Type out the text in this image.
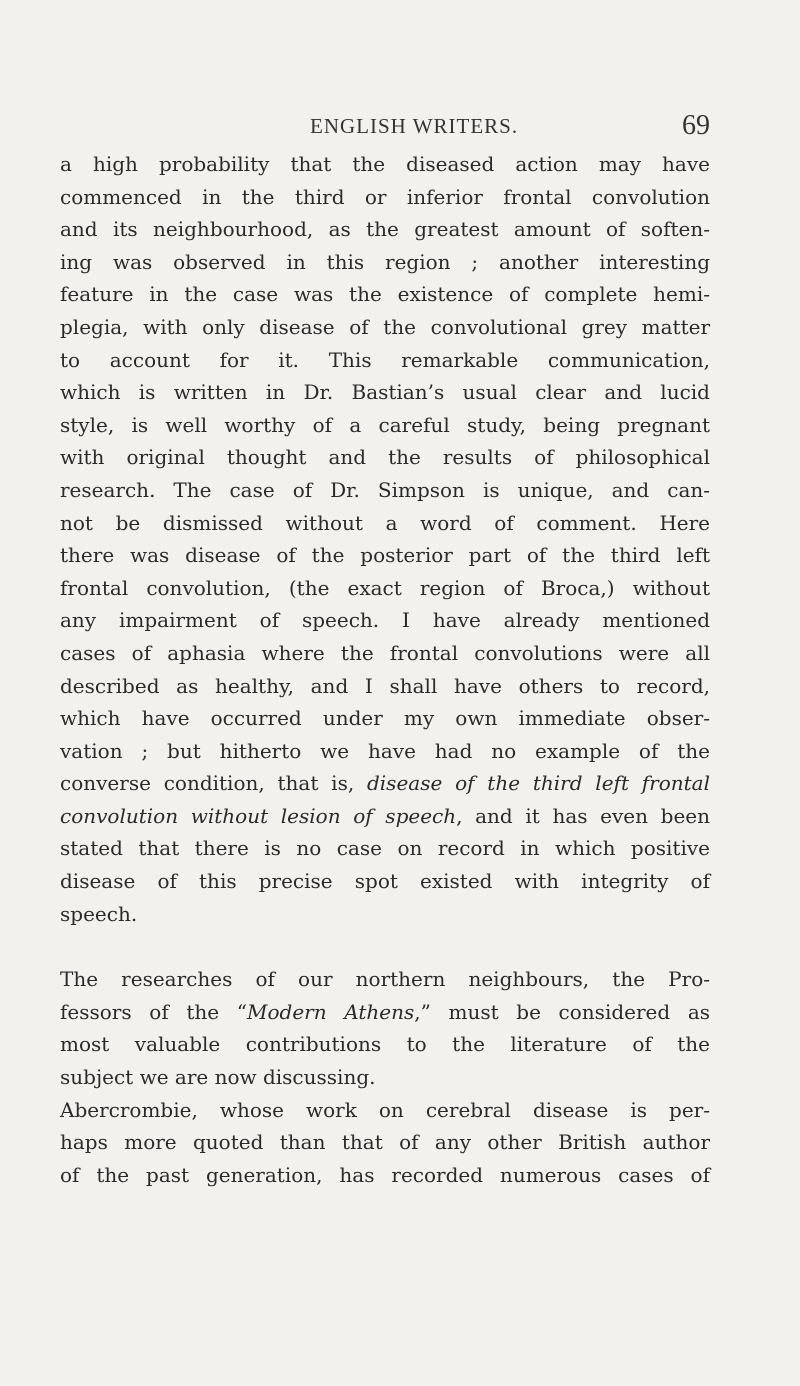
ENGLISH WRITERS.	69
a high probability that the diseased action may have
commenced in the third or inferior frontal convolution
and its neighbourhood, as the greatest amount of soften-
ing was observed in this region ; another interesting
feature in the case was the existence of complete hemi-
plegia, with only disease of the convolutional grey matter
to account for it. This remarkable communication,
which is written in Dr. Bastian’s usual clear and lucid
style, is well worthy of a careful study, being pregnant
with original thought and the results of philosophical
research. The case of Dr. Simpson is unique, and can-
not be dismissed without a word of comment. Here
there was disease of the posterior part of the third left
frontal convolution, (the exact region of Broca,) without
any impairment of speech. I have already mentioned
cases of aphasia where the frontal convolutions were all
described as healthy, and I shall have others to record,
which have occurred under my own immediate obser-
vation ; but hitherto we have had no example of the
converse condition, that is, disease of the third left frontal
convolution without lesion of speech, and it has even been
stated that there is no case on record in which positive
disease of this precise spot existed with integrity of
speech.
The researches of our northern neighbours, the Pro-
fessors of the “Modern Athens,” must be considered as
most valuable contributions to the literature of the
subject we are now discussing.
Abercrombie, whose work on cerebral disease is per-
haps more quoted than that of any other British author
of the past generation, has recorded numerous cases of
